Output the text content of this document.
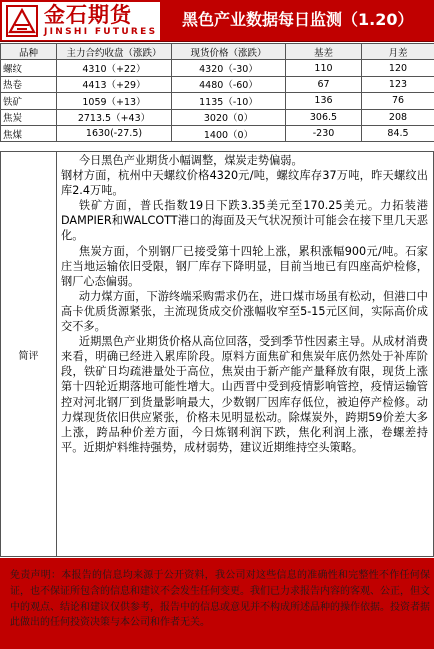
金石期货
JINSHI FUTURES
黑色产业数据每日监测（1.20）
品种	主力合约收盘（涨跌）	现货价格（涨跌）	基差	月差
螺纹	4310（+22）	4320（-30）	110	120
热卷	4413（+29）	4480（-60）	67	123
铁矿	1059（+13）	1135（-10）	136	76
焦炭	2713.5（+43）	3020（0）	306.5	208
焦煤	1630(-27.5)	1400（0）	-230	84.5
简评

今日黑色产业期货小幅调整，煤炭走势偏弱。

钢材方面，杭州中天螺纹价格4320元/吨，螺纹库存37万吨，昨天螺纹出库2.4万吨。

铁矿方面，普氏指数19日下跌3.35美元至170.25美元。力拓装港DAMPIER和WALCOTT港口的海面及天气状况预计可能会在接下里几天恶化。

焦炭方面，个别钢厂已接受第十四轮上涨，累积涨幅900元/吨。石家庄当地运输依旧受限，钢厂库存下降明显，目前当地已有四座高炉检修，钢厂心态偏弱。

动力煤方面，下游终端采购需求仍在，进口煤市场虽有松动，但港口中高卡优质货源紧张，主流现货成交价涨幅收窄至5-15元区间，实际高价成交不多。

近期黑色产业期货价格从高位回落，受到季节性因素主导。从成材消费来看，明确已经进入累库阶段。原料方面焦矿和焦炭年底仍然处于补库阶段，铁矿日均疏港量处于高位，焦炭由于新产能产量释放有限，现货上涨第十四轮近期落地可能性增大。山西晋中受到疫情影响管控，疫情运输管控对河北钢厂到货量影响最大，少数钢厂因库存低位，被迫停产检修。动力煤现货依旧供应紧张，价格未见明显松动。除煤炭外，跨期59价差大多上涨，跨品种价差方面，今日炼钢利润下跌，焦化利润上涨，卷螺差持平。近期炉料维持强势，成材弱势，建议近期维持空头策略。

免责声明：本报告的信息均来源于公开资料，我公司对这些信息的准确性和完整性不作任何保证，也不保证所包含的信息和建议不会发生任何变更。我们已力求报告内容的客观、公正，但文中的观点、结论和建议仅供参考，报告中的信息或意见并不构成所述品种的操作依据。投资者据此做出的任何投资决策与本公司和作者无关。
